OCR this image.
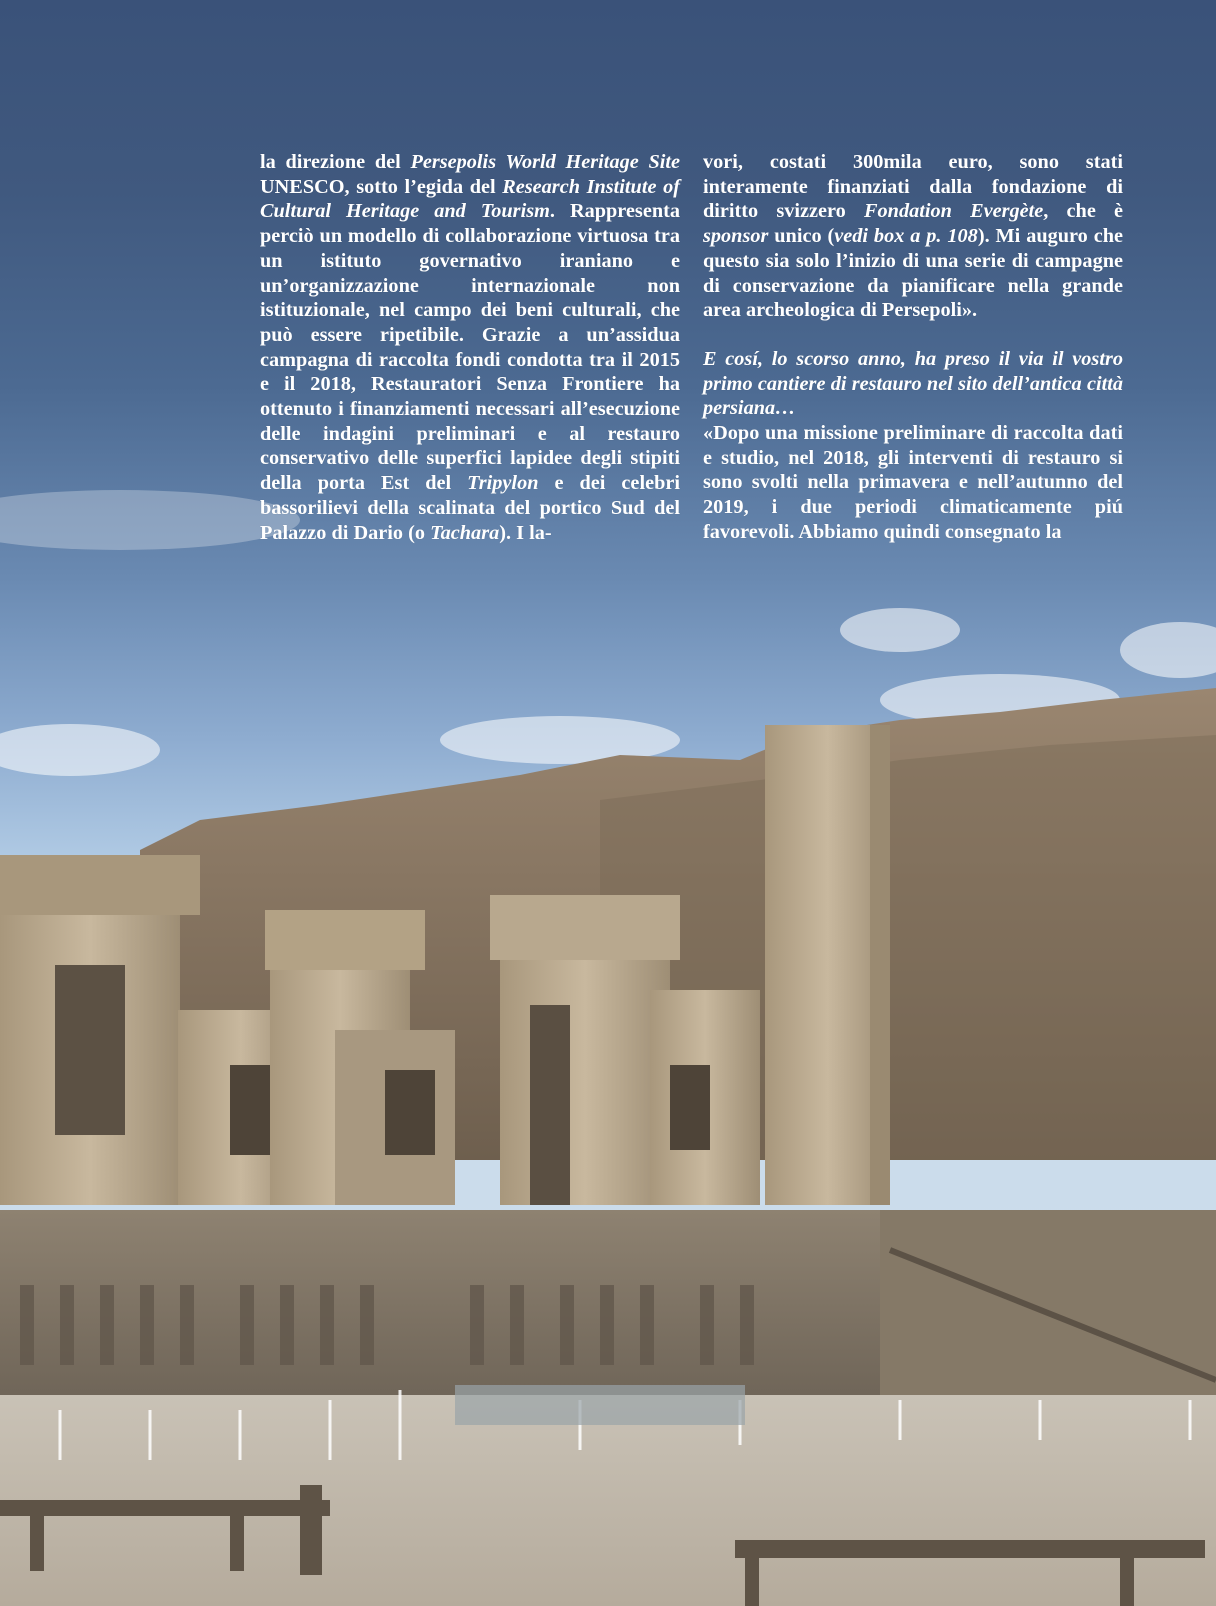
la direzione del Persepolis World Heritage Site UNESCO, sotto l’egida del Research Institute of Cultural Heritage and Tourism. Rappresenta perciò un modello di collaborazione virtuosa tra un istituto governativo iraniano e un’organizzazione internazionale non istituzionale, nel campo dei beni culturali, che può essere ripetibile. Grazie a un’assidua campagna di raccolta fondi condotta tra il 2015 e il 2018, Restauratori Senza Frontiere ha ottenuto i finanziamenti necessari all’esecuzione delle indagini preliminari e al restauro conservativo delle superfici lapidee degli stipiti della porta Est del Tripylon e dei celebri bassorilievi della scalinata del portico Sud del Palazzo di Dario (o Tachara). I la-

vori, costati 300mila euro, sono stati interamente finanziati dalla fondazione di diritto svizzero Fondation Evergète, che è sponsor unico (vedi box a p. 108). Mi auguro che questo sia solo l’inizio di una serie di campagne di conservazione da pianificare nella grande area archeologica di Persepoli».

E cosí, lo scorso anno, ha preso il via il vostro primo cantiere di restauro nel sito dell’antica città persiana…

«Dopo una missione preliminare di raccolta dati e studio, nel 2018, gli interventi di restauro si sono svolti nella primavera e nell’autunno del 2019, i due periodi climaticamente piú favorevoli. Abbiamo quindi consegnato la
